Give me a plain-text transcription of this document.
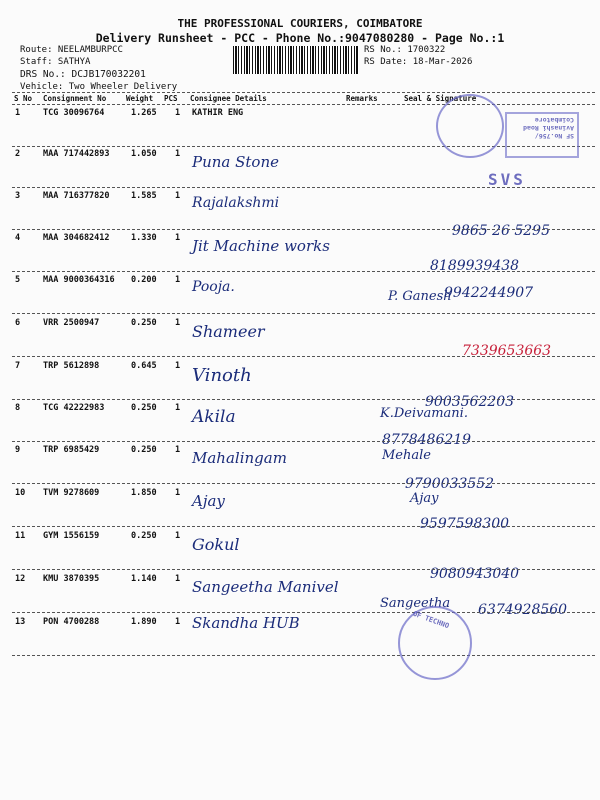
THE PROFESSIONAL COURIERS, COIMBATORE
Delivery Runsheet - PCC - Phone No.:9047080280 - Page No.:1
Route: NEELAMBURPCC
Staff: SATHYA
DRS No.: DCJB170032201
Vehicle: Two Wheeler Delivery
RS No.: 1700322
RS Date: 18-Mar-2026
S No Consignment No	Weight PCS Consignee Details	Remarks	Seal & Signature
1	TCG 30096764	1.265 1 KATHIR ENG
2	MAA 717442893	1.050 1 Puna Stone
3	MAA 716377820	1.585 1 Rajalakshmi
9865 26 5295
4	MAA 304682412	1.330 1 Jit Machine works
8189939438
5	MAA 9000364316 0.200 1 Pooja.
P. Ganesh
9942244907
6	VRR 2500947	0.250 1 Shameer
7339653663
7	TRP 5612898	0.645 1 Vinoth
9003562203
8	TCG 42222983	0.250 1 Akila	K.Deivamani.
8778486219
9	TRP 6985429	0.250 1 Mahalingam	Mehale
9790033552
10 TVM 9278609	1.850 1 Ajay	Ajay
9597598300
11 GYM 1556159	0.250 1 Gokul
9080943040
12 KMU 3870395	1.140 1 Sangeetha Manivel
Sangeetha 6374928560
13 PON 4700288	1.890 1 Skandha HUB
SF No.756/ Avinashi Road Coimbatore
SVS
OF TECHNO
